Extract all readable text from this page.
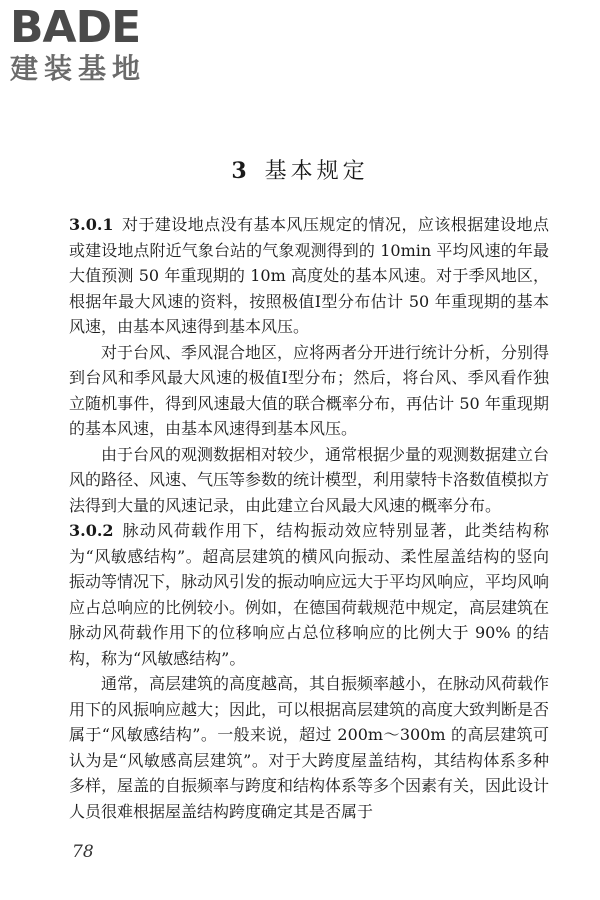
BADE
建装基地
3 基本规定

3.0.1 对于建设地点没有基本风压规定的情况，应该根据建设地点或建设地点附近气象台站的气象观测得到的 10min 平均风速的年最大值预测 50 年重现期的 10m 高度处的基本风速。对于季风地区，根据年最大风速的资料，按照极值Ⅰ型分布估计 50 年重现期的基本风速，由基本风速得到基本风压。

对于台风、季风混合地区，应将两者分开进行统计分析，分别得到台风和季风最大风速的极值Ⅰ型分布；然后，将台风、季风看作独立随机事件，得到风速最大值的联合概率分布，再估计 50 年重现期的基本风速，由基本风速得到基本风压。

由于台风的观测数据相对较少，通常根据少量的观测数据建立台风的路径、风速、气压等参数的统计模型，利用蒙特卡洛数值模拟方法得到大量的风速记录，由此建立台风最大风速的概率分布。

3.0.2 脉动风荷载作用下，结构振动效应特别显著，此类结构称为“风敏感结构”。超高层建筑的横风向振动、柔性屋盖结构的竖向振动等情况下，脉动风引发的振动响应远大于平均风响应，平均风响应占总响应的比例较小。例如，在德国荷载规范中规定，高层建筑在脉动风荷载作用下的位移响应占总位移响应的比例大于 90% 的结构，称为“风敏感结构”。

通常，高层建筑的高度越高，其自振频率越小，在脉动风荷载作用下的风振响应越大；因此，可以根据高层建筑的高度大致判断是否属于“风敏感结构”。一般来说，超过 200m～300m 的高层建筑可认为是“风敏感高层建筑”。对于大跨度屋盖结构，其结构体系多种多样，屋盖的自振频率与跨度和结构体系等多个因素有关，因此设计人员很难根据屋盖结构跨度确定其是否属于

78
